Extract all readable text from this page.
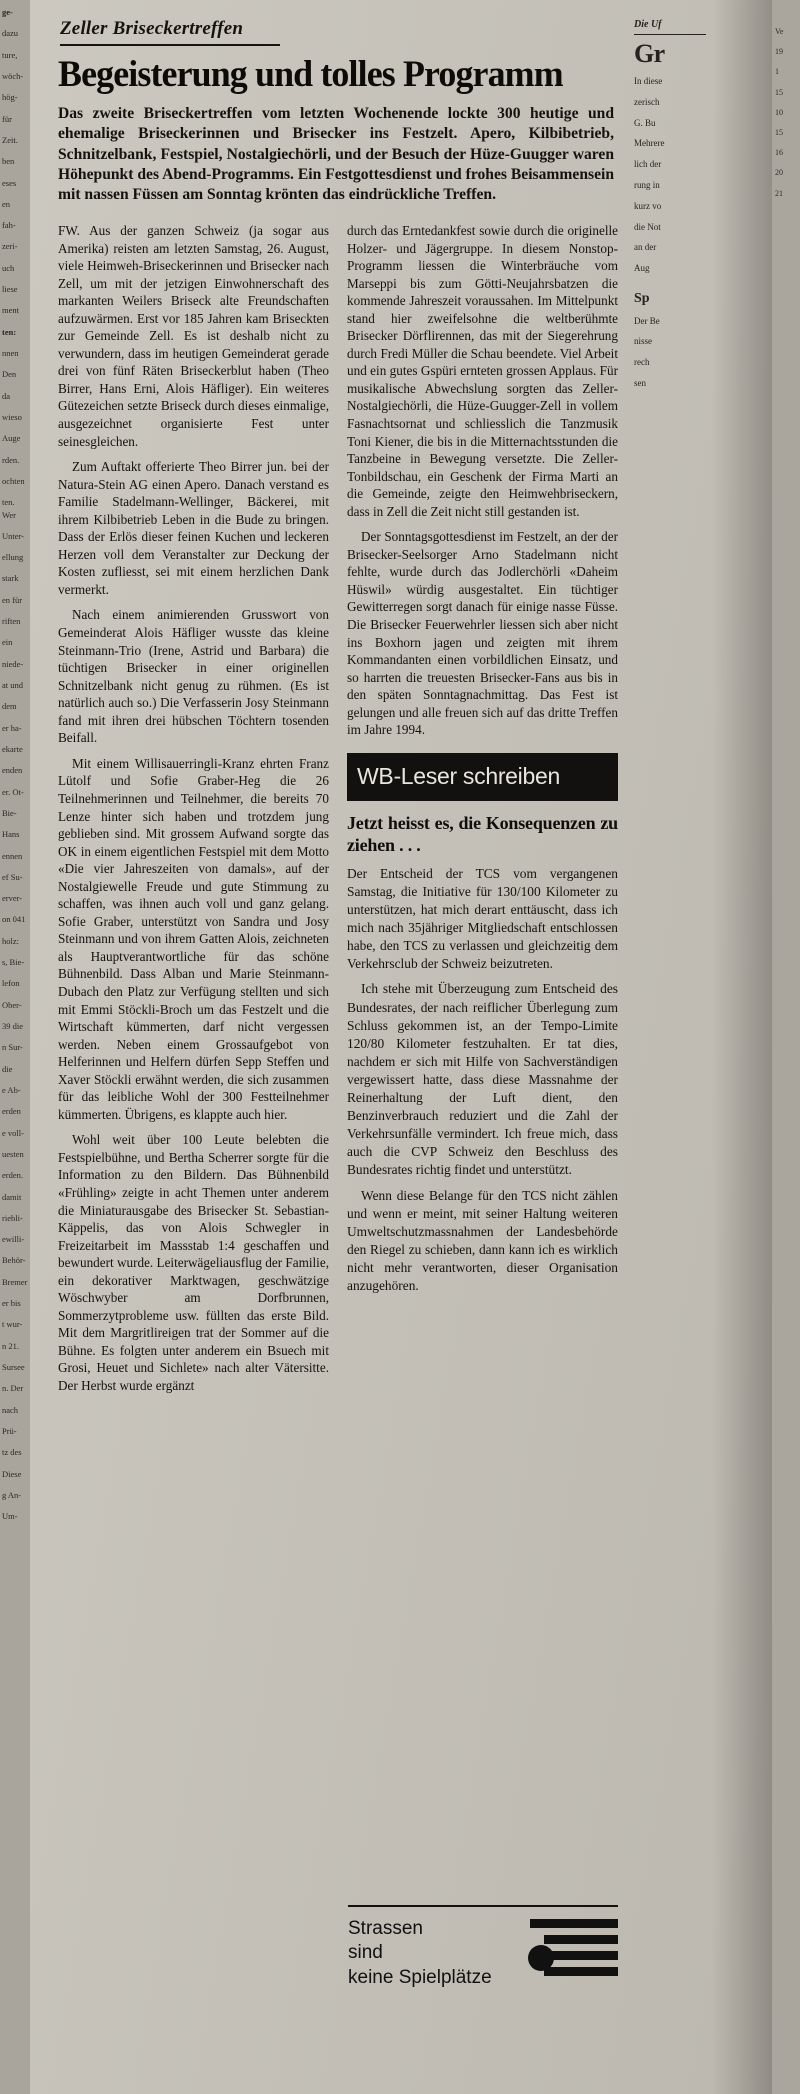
ge-

dazu

ture,

wöch-

hög-

für

Zeit.

ben

eses

en

fah-

zeri-

uch

liese

ment

ten:

nnen

Den

da

wieso

Auge

rden.

ochten

ten. Wer

Unter-

ellung

stark

en für

riften

ein

niede-

at und

dem

er ha-

ekarte

enden

er. Ot-

Bie-

Hans

ennen

ef Su-

erver-

on 041

holz:

s, Bie-

lefon

Ober-

39 die

n Sur-

die

e Ab-

erden

e voll-

uesten

erden.

damit

riebli-

ewilli-

Behör-

Bremer

er bis

t wur-

n 21.

Sursee

n. Der

nach

Prü-

tz des

Diese

g An-

Um-

Zeller Briseckertreffen
Begeisterung und tolles Programm
Das zweite Briseckertreffen vom letzten Wochenende lockte 300 heutige und ehemalige Briseckerinnen und Brisecker ins Festzelt. Apero, Kilbibetrieb, Schnitzelbank, Festspiel, Nostalgiechörli, und der Besuch der Hüze-Guugger waren Höhepunkt des Abend-Programms. Ein Festgottesdienst und frohes Beisammensein mit nassen Füssen am Sonntag krönten das eindrückliche Treffen.

FW. Aus der ganzen Schweiz (ja sogar aus Amerika) reisten am letzten Samstag, 26. August, viele Heimweh-Briseckerinnen und Brisecker nach Zell, um mit der jetzigen Einwohnerschaft des markanten Weilers Briseck alte Freundschaften aufzuwärmen. Erst vor 185 Jahren kam Briseckten zur Gemeinde Zell. Es ist deshalb nicht zu verwundern, dass im heutigen Gemeinderat gerade drei von fünf Räten Briseckerblut haben (Theo Birrer, Hans Erni, Alois Häfliger). Ein weiteres Gütezeichen setzte Briseck durch dieses einmalige, ausgezeichnet organisierte Fest unter seinesgleichen.

Zum Auftakt offerierte Theo Birrer jun. bei der Natura-Stein AG einen Apero. Danach verstand es Familie Stadelmann-Wellinger, Bäckerei, mit ihrem Kilbibetrieb Leben in die Bude zu bringen. Dass der Erlös dieser feinen Kuchen und leckeren Herzen voll dem Veranstalter zur Deckung der Kosten zufliesst, sei mit einem herzlichen Dank vermerkt.

Nach einem animierenden Grusswort von Gemeinderat Alois Häfliger wusste das kleine Steinmann-Trio (Irene, Astrid und Barbara) die tüchtigen Brisecker in einer originellen Schnitzelbank nicht genug zu rühmen. (Es ist natürlich auch so.) Die Verfasserin Josy Steinmann fand mit ihren drei hübschen Töchtern tosenden Beifall.

Mit einem Willisauerringli-Kranz ehrten Franz Lütolf und Sofie Graber-Heg die 26 Teilnehmerinnen und Teilnehmer, die bereits 70 Lenze hinter sich haben und trotzdem jung geblieben sind. Mit grossem Aufwand sorgte das OK in einem eigentlichen Festspiel mit dem Motto «Die vier Jahreszeiten von damals», auf der Nostalgiewelle Freude und gute Stimmung zu schaffen, was ihnen auch voll und ganz gelang. Sofie Graber, unterstützt von Sandra und Josy Steinmann und von ihrem Gatten Alois, zeichneten als Hauptverantwortliche für das schöne Bühnenbild. Dass Alban und Marie Steinmann-Dubach den Platz zur Verfügung stellten und sich mit Emmi Stöckli-Broch um das Festzelt und die Wirtschaft kümmerten, darf nicht vergessen werden. Neben einem Grossaufgebot von Helferinnen und Helfern dürfen Sepp Steffen und Xaver Stöckli erwähnt werden, die sich zusammen für das leibliche Wohl der 300 Festteilnehmer kümmerten. Übrigens, es klappte auch hier.

Wohl weit über 100 Leute belebten die Festspielbühne, und Bertha Scherrer sorgte für die Information zu den Bildern. Das Bühnenbild «Frühling» zeigte in acht Themen unter anderem die Miniaturausgabe des Brisecker St. Sebastian-Käppelis, das von Alois Schwegler in Freizeitarbeit im Massstab 1:4 geschaffen und bewundert wurde. Leiterwägeliausflug der Familie, ein dekorativer Marktwagen, geschwätzige Wöschwyber am Dorfbrunnen, Sommerzytprobleme usw. füllten das erste Bild. Mit dem Margritlireigen trat der Sommer auf die Bühne. Es folgten unter anderem ein Bsuech mit Grosi, Heuet und Sichlete» nach alter Vätersitte. Der Herbst wurde ergänzt

durch das Erntedankfest sowie durch die originelle Holzer- und Jägergruppe. In diesem Nonstop-Programm liessen die Winterbräuche vom Marseppi bis zum Götti-Neujahrsbatzen die kommende Jahreszeit voraussahen. Im Mittelpunkt stand hier zweifelsohne die weltberühmte Brisecker Dörflirennen, das mit der Siegerehrung durch Fredi Müller die Schau beendete. Viel Arbeit und ein gutes Gspüri ernteten grossen Applaus. Für musikalische Abwechslung sorgten das Zeller-Nostalgiechörli, die Hüze-Guugger-Zell in vollem Fasnachtsornat und schliesslich die Tanzmusik Toni Kiener, die bis in die Mitternachtsstunden die Tanzbeine in Bewegung versetzte. Die Zeller-Tonbildschau, ein Geschenk der Firma Marti an die Gemeinde, zeigte den Heimwehbriseckern, dass in Zell die Zeit nicht still gestanden ist.

Der Sonntagsgottesdienst im Festzelt, an der der Brisecker-Seelsorger Arno Stadelmann nicht fehlte, wurde durch das Jodlerchörli «Daheim Hüswil» würdig ausgestaltet. Ein tüchtiger Gewitterregen sorgt danach für einige nasse Füsse. Die Brisecker Feuerwehrler liessen sich aber nicht ins Boxhorn jagen und zeigten mit ihrem Kommandanten einen vorbildlichen Einsatz, und so harrten die treuesten Brisecker-Fans aus bis in den späten Sonntagnachmittag. Das Fest ist gelungen und alle freuen sich auf das dritte Treffen im Jahre 1994.

WB-Leser schreiben
Jetzt heisst es, die Konsequenzen zu ziehen . . .

Der Entscheid der TCS vom vergangenen Samstag, die Initiative für 130/100 Kilometer zu unterstützen, hat mich derart enttäuscht, dass ich mich nach 35jähriger Mitgliedschaft entschlossen habe, den TCS zu verlassen und gleichzeitig dem Verkehrsclub der Schweiz beizutreten.

Ich stehe mit Überzeugung zum Entscheid des Bundesrates, der nach reiflicher Überlegung zum Schluss gekommen ist, an der Tempo-Limite 120/80 Kilometer festzuhalten. Er tat dies, nachdem er sich mit Hilfe von Sachverständigen vergewissert hatte, dass diese Massnahme der Reinerhaltung der Luft dient, den Benzinverbrauch reduziert und die Zahl der Verkehrsunfälle vermindert. Ich freue mich, dass auch die CVP Schweiz den Beschluss des Bundesrates richtig findet und unterstützt.

Wenn diese Belange für den TCS nicht zählen und wenn er meint, mit seiner Haltung weiteren Umweltschutzmassnahmen der Landesbehörde den Riegel zu schieben, dann kann ich es wirklich nicht mehr verantworten, dieser Organisation anzugehören.

Strassen
sind
keine Spielplätze
Die Uf
Gr

In diese

zerisch

G. Bu

Mehrere

lich der

rung in

kurz vo

die Not

an der

Aug

Sp

Der Be

nisse

rech

sen

Ve

19

1

15

10

15

16

20

21
